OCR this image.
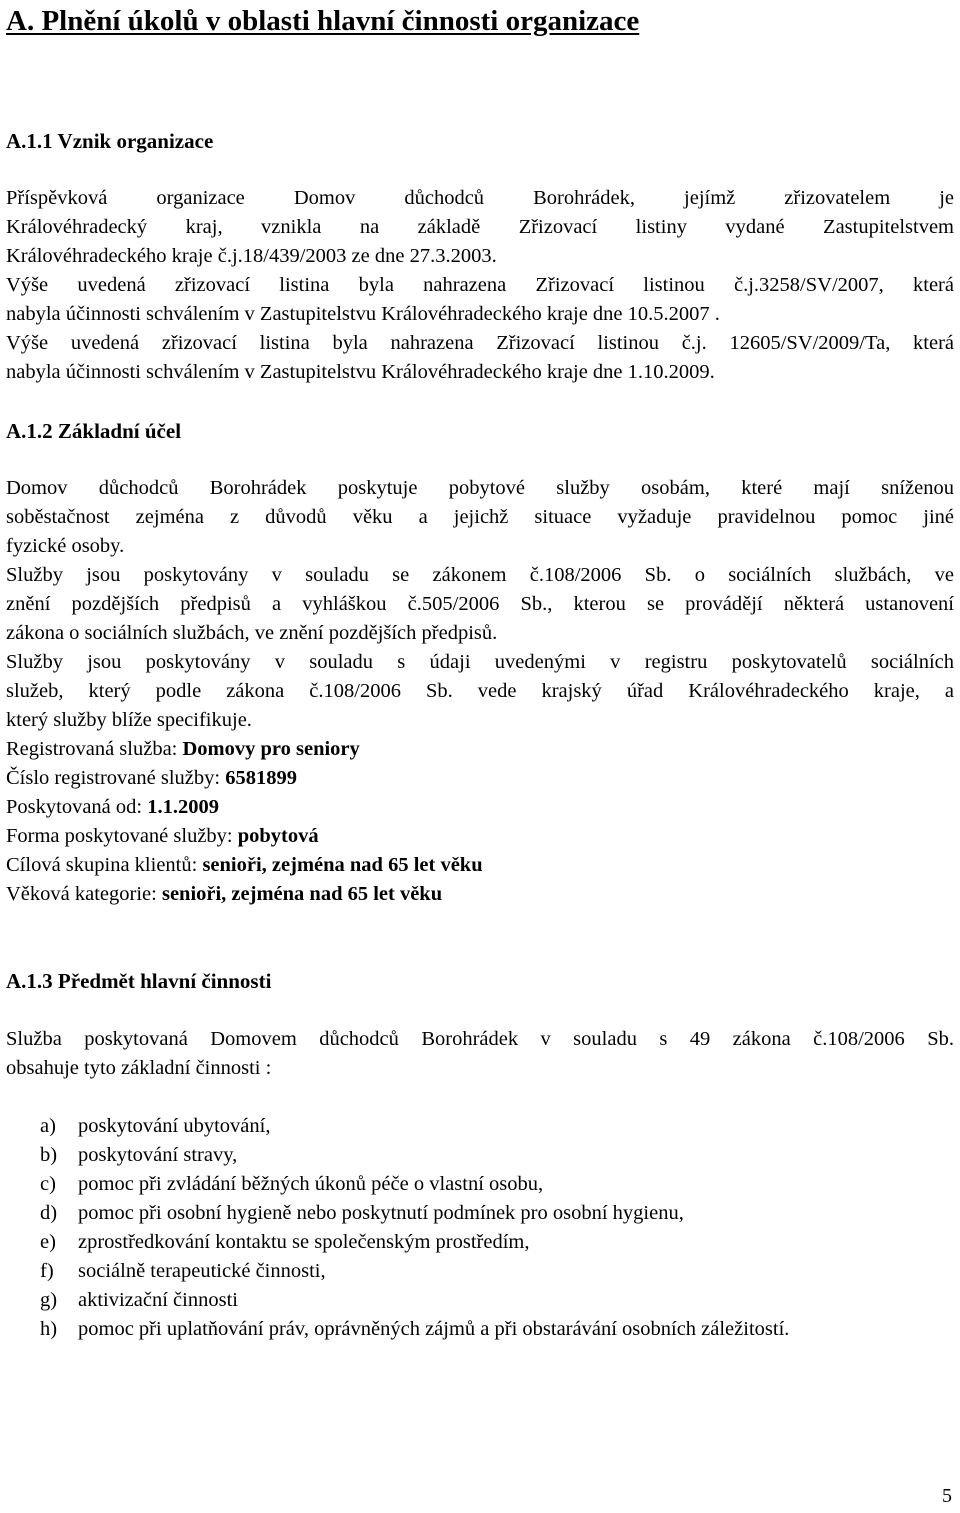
A. Plnění úkolů v oblasti hlavní činnosti organizace
A.1.1 Vznik organizace
Příspěvková organizace Domov důchodců Borohrádek, jejímž zřizovatelem je
Královéhradecký kraj, vznikla na základě Zřizovací listiny vydané Zastupitelstvem
Královéhradeckého kraje č.j.18/439/2003 ze dne 27.3.2003.
Výše uvedená zřizovací listina byla nahrazena Zřizovací listinou č.j.3258/SV/2007, která
nabyla účinnosti schválením v Zastupitelstvu Královéhradeckého kraje dne 10.5.2007 .
Výše uvedená zřizovací listina byla nahrazena Zřizovací listinou č.j. 12605/SV/2009/Ta, která
nabyla účinnosti schválením v Zastupitelstvu Královéhradeckého kraje dne 1.10.2009.
A.1.2 Základní účel
Domov důchodců Borohrádek poskytuje pobytové služby osobám, které mají sníženou
soběstačnost zejména z důvodů věku a jejichž situace vyžaduje pravidelnou pomoc jiné
fyzické osoby.
Služby jsou poskytovány v souladu se zákonem č.108/2006 Sb. o sociálních službách, ve
znění pozdějších předpisů a vyhláškou č.505/2006 Sb., kterou se provádějí některá ustanovení
zákona o sociálních službách, ve znění pozdějších předpisů.
Služby jsou poskytovány v souladu s údaji uvedenými v registru poskytovatelů sociálních
služeb, který podle zákona č.108/2006 Sb. vede krajský úřad Královéhradeckého kraje, a
který služby blíže specifikuje.
Registrovaná služba: Domovy pro seniory
Číslo registrované služby: 6581899
Poskytovaná od: 1.1.2009
Forma poskytované služby: pobytová
Cílová skupina klientů: senioři, zejména nad 65 let věku
Věková kategorie: senioři, zejména nad 65 let věku
A.1.3 Předmět hlavní činnosti
Služba poskytovaná Domovem důchodců Borohrádek v souladu s 49 zákona č.108/2006 Sb.
obsahuje tyto základní činnosti :
a) poskytování ubytování,
b) poskytování stravy,
c) pomoc při zvládání běžných úkonů péče o vlastní osobu,
d) pomoc při osobní hygieně nebo poskytnutí podmínek pro osobní hygienu,
e) zprostředkování kontaktu se společenským prostředím,
f) sociálně terapeutické činnosti,
g) aktivizační činnosti
h) pomoc při uplatňování práv, oprávněných zájmů a při obstarávání osobních záležitostí.
5
